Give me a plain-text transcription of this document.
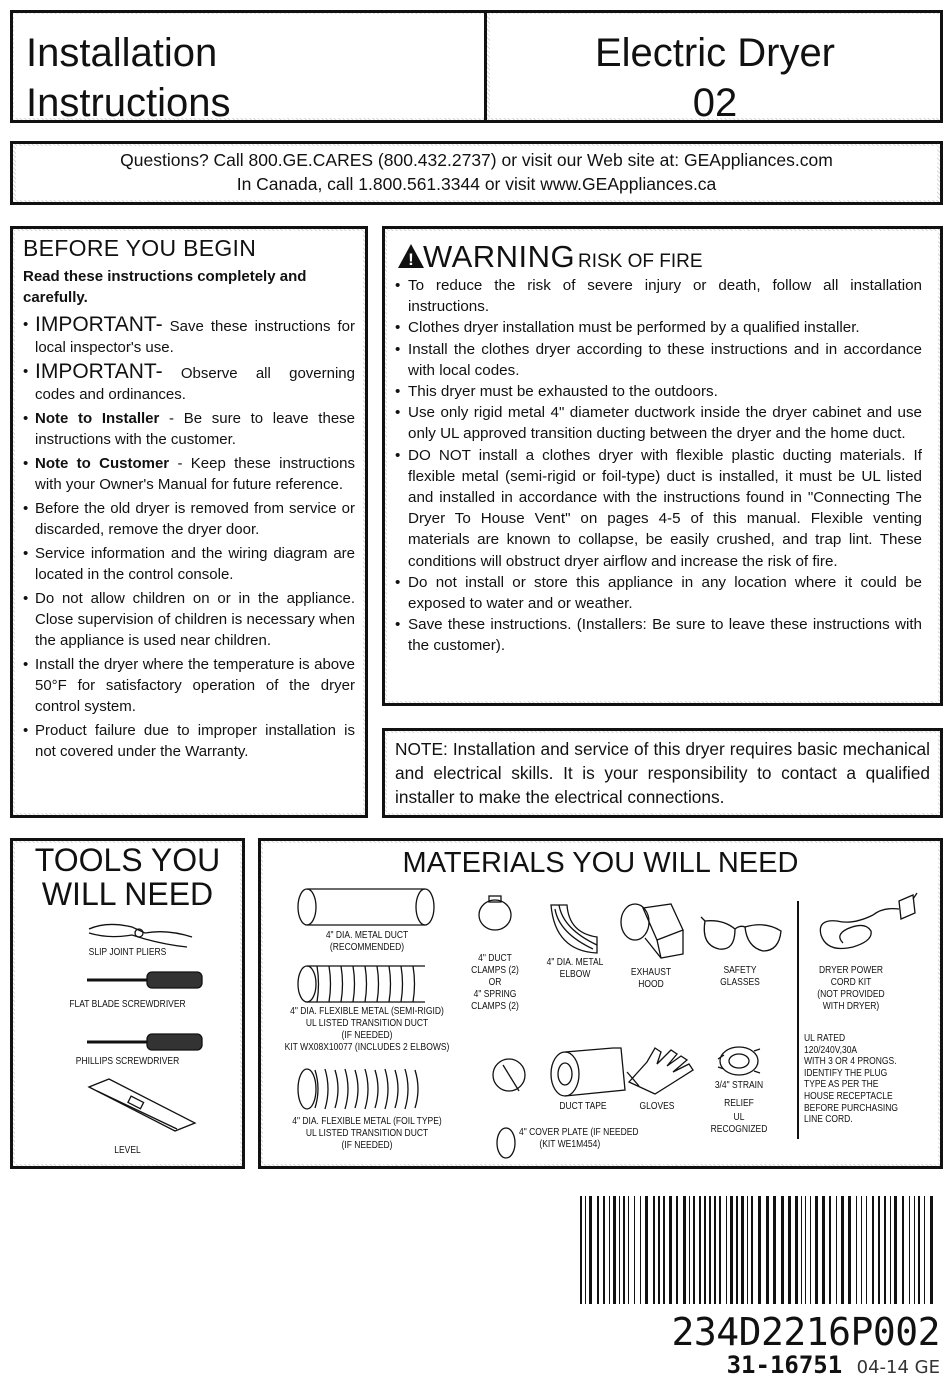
Installation
Instructions
Electric Dryer
02
Questions? Call 800.GE.CARES (800.432.2737) or visit our Web site at: GEAppliances.com
In Canada, call 1.800.561.3344 or visit www.GEAppliances.ca
BEFORE YOU BEGIN
Read these instructions completely and carefully.
• IMPORTANT- Save these instructions for local inspector's use.
• IMPORTANT- Observe all governing codes and ordinances.
• Note to Installer - Be sure to leave these instructions with the customer.
• Note to Customer - Keep these instructions with your Owner's Manual for future reference.
• Before the old dryer is removed from service or discarded, remove the dryer door.
• Service information and the wiring diagram are located in the control console.
• Do not allow children on or in the appliance. Close supervision of children is necessary when the appliance is used near children.
• Install the dryer where the temperature is above 50°F for satisfactory operation of the dryer control system.
• Product failure due to improper installation is not covered under the Warranty.
! WARNING RISK OF FIRE
• To reduce the risk of severe injury or death, follow all installation instructions.
• Clothes dryer installation must be performed by a qualified installer.
• Install the clothes dryer according to these instructions and in accordance with local codes.
• This dryer must be exhausted to the outdoors.
• Use only rigid metal 4" diameter ductwork inside the dryer cabinet and use only UL approved transition ducting between the dryer and the home duct.
• DO NOT install a clothes dryer with flexible plastic ducting materials. If flexible metal (semi-rigid or foil-type) duct is installed, it must be UL listed and installed in accordance with the instructions found in "Connecting The Dryer To House Vent" on pages 4-5 of this manual. Flexible venting materials are known to collapse, be easily crushed, and trap lint. These conditions will obstruct dryer airflow and increase the risk of fire.
• Do not install or store this appliance in any location where it could be exposed to water and or weather.
• Save these instructions. (Installers: Be sure to leave these instructions with the customer).
NOTE: Installation and service of this dryer requires basic mechanical and electrical skills. It is your responsibility to contact a qualified installer to make the electrical connections.
TOOLS YOU
WILL NEED
SLIP JOINT PLIERS
FLAT BLADE SCREWDRIVER
PHILLIPS SCREWDRIVER
LEVEL
MATERIALS YOU WILL NEED
4" DIA. METAL DUCT
(RECOMMENDED)
4" DIA. FLEXIBLE METAL (SEMI-RIGID)
UL LISTED TRANSITION DUCT
(IF NEEDED)
KIT WX08X10077 (INCLUDES 2 ELBOWS)
4" DIA. FLEXIBLE METAL (FOIL TYPE)
UL LISTED TRANSITION DUCT
(IF NEEDED)
4" DUCT
CLAMPS (2)
OR
4" SPRING
CLAMPS (2)
4" DIA. METAL
ELBOW	EXHAUST
HOOD
SAFETY
GLASSES
DUCT TAPE	GLOVES
3/4" STRAIN
RELIEF
UL RECOGNIZED
4" COVER PLATE (IF NEEDED
(KIT WE1M454)
DRYER POWER
CORD KIT
(NOT PROVIDED
WITH DRYER)
UL RATED
120/240V,30A
WITH 3 OR 4 PRONGS.
IDENTIFY THE PLUG
TYPE AS PER THE
HOUSE RECEPTACLE
BEFORE PURCHASING
LINE CORD.
234D2216P002
31-16751 04-14 GE
